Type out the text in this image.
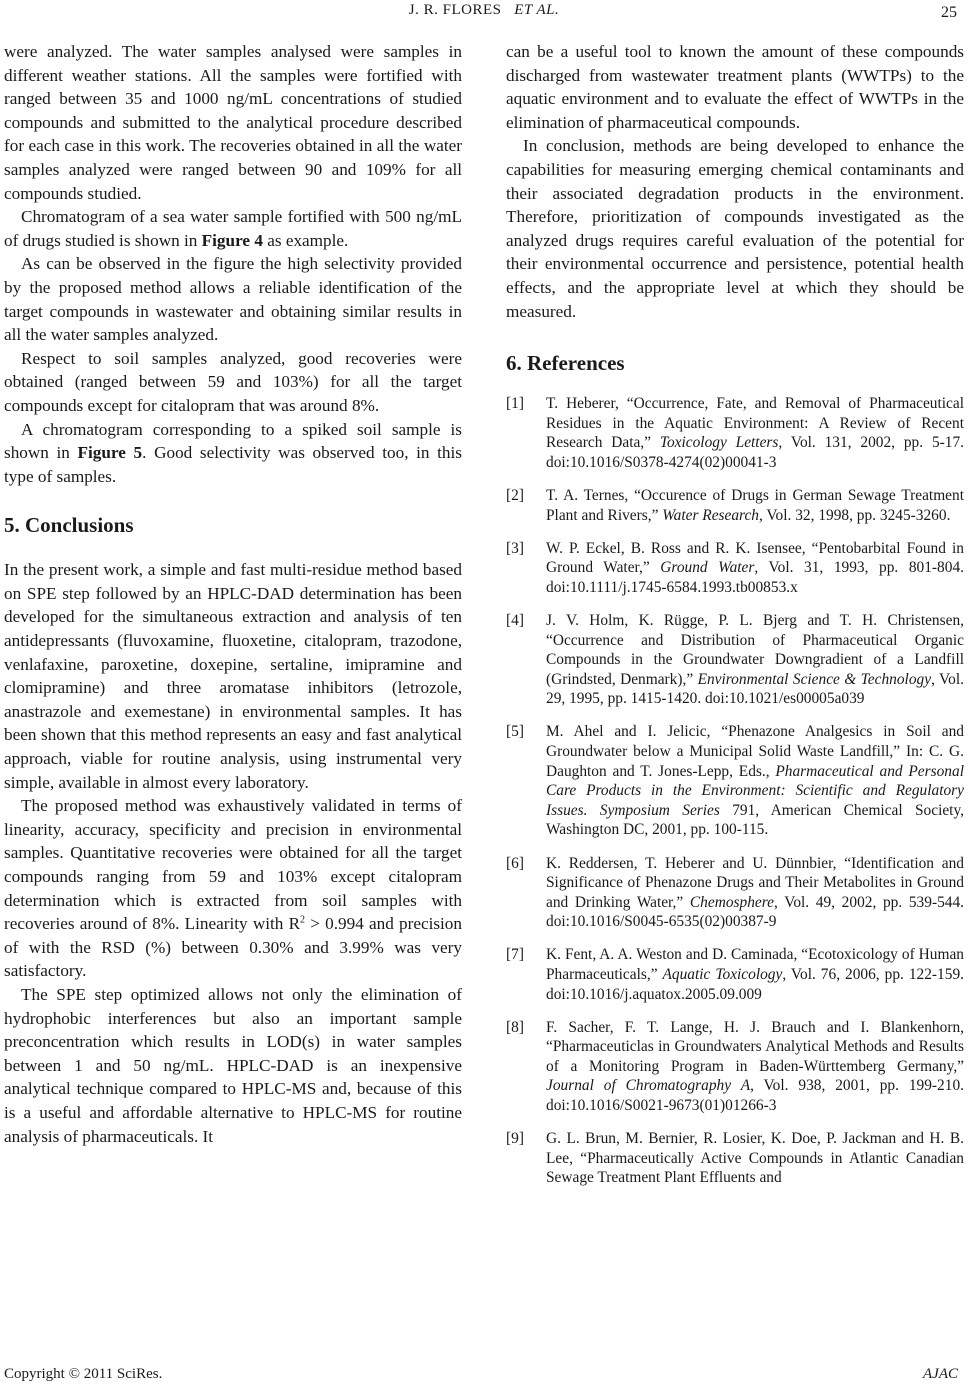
J. R. FLORES ET AL.	25

were analyzed. The water samples analysed were samples in different weather stations. All the samples were fortified with ranged between 35 and 1000 ng/mL concentrations of studied compounds and submitted to the analytical procedure described for each case in this work. The recoveries obtained in all the water samples analyzed were ranged between 90 and 109% for all compounds studied.

Chromatogram of a sea water sample fortified with 500 ng/mL of drugs studied is shown in Figure 4 as example.

As can be observed in the figure the high selectivity provided by the proposed method allows a reliable identification of the target compounds in wastewater and obtaining similar results in all the water samples analyzed.

Respect to soil samples analyzed, good recoveries were obtained (ranged between 59 and 103%) for all the target compounds except for citalopram that was around 8%.

A chromatogram corresponding to a spiked soil sample is shown in Figure 5. Good selectivity was observed too, in this type of samples.

5. Conclusions

In the present work, a simple and fast multi-residue method based on SPE step followed by an HPLC-DAD determination has been developed for the simultaneous extraction and analysis of ten antidepressants (fluvoxamine, fluoxetine, citalopram, trazodone, venlafaxine, paroxetine, doxepine, sertaline, imipramine and clomipramine) and three aromatase inhibitors (letrozole, anastrazole and exemestane) in environmental samples. It has been shown that this method represents an easy and fast analytical approach, viable for routine analysis, using instrumental very simple, available in almost every laboratory.

The proposed method was exhaustively validated in terms of linearity, accuracy, specificity and precision in environmental samples. Quantitative recoveries were obtained for all the target compounds ranging from 59 and 103% except citalopram determination which is extracted from soil samples with recoveries around of 8%. Linearity with $R^2 > 0.994$ and precision of with the RSD (%) between 0.30% and 3.99% was very satisfactory.

The SPE step optimized allows not only the elimination of hydrophobic interferences but also an important sample preconcentration which results in LOD(s) in water samples between 1 and 50 ng/mL. HPLC-DAD is an inexpensive analytical technique compared to HPLC-MS and, because of this is a useful and affordable alternative to HPLC-MS for routine analysis of pharmaceuticals. It

can be a useful tool to known the amount of these compounds discharged from wastewater treatment plants (WWTPs) to the aquatic environment and to evaluate the effect of WWTPs in the elimination of pharmaceutical compounds.

In conclusion, methods are being developed to enhance the capabilities for measuring emerging chemical contaminants and their associated degradation products in the environment. Therefore, prioritization of compounds investigated as the analyzed drugs requires careful evaluation of the potential for their environmental occurrence and persistence, potential health effects, and the appropriate level at which they should be measured.

6. References
[1] T. Heberer, “Occurrence, Fate, and Removal of Pharmaceutical Residues in the Aquatic Environment: A Review of Recent Research Data,” Toxicology Letters, Vol. 131, 2002, pp. 5-17. doi:10.1016/S0378-4274(02)00041-3
[2] T. A. Ternes, “Occurence of Drugs in German Sewage Treatment Plant and Rivers,” Water Research, Vol. 32, 1998, pp. 3245-3260.
[3] W. P. Eckel, B. Ross and R. K. Isensee, “Pentobarbital Found in Ground Water,” Ground Water, Vol. 31, 1993, pp. 801-804. doi:10.1111/j.1745-6584.1993.tb00853.x
[4] J. V. Holm, K. Rügge, P. L. Bjerg and T. H. Christensen, “Occurrence and Distribution of Pharmaceutical Organic Compounds in the Groundwater Downgradient of a Landfill (Grindsted, Denmark),” Environmental Science & Technology, Vol. 29, 1995, pp. 1415-1420. doi:10.1021/es00005a039
[5] M. Ahel and I. Jelicic, “Phenazone Analgesics in Soil and Groundwater below a Municipal Solid Waste Landfill,” In: C. G. Daughton and T. Jones-Lepp, Eds., Pharmaceutical and Personal Care Products in the Environment: Scientific and Regulatory Issues. Symposium Series 791, American Chemical Society, Washington DC, 2001, pp. 100-115.
[6] K. Reddersen, T. Heberer and U. Dünnbier, “Identification and Significance of Phenazone Drugs and Their Metabolites in Ground and Drinking Water,” Chemosphere, Vol. 49, 2002, pp. 539-544. doi:10.1016/S0045-6535(02)00387-9
[7] K. Fent, A. A. Weston and D. Caminada, “Ecotoxicology of Human Pharmaceuticals,” Aquatic Toxicology, Vol. 76, 2006, pp. 122-159. doi:10.1016/j.aquatox.2005.09.009
[8] F. Sacher, F. T. Lange, H. J. Brauch and I. Blankenhorn, “Pharmaceuticlas in Groundwaters Analytical Methods and Results of a Monitoring Program in Baden-Württemberg Germany,” Journal of Chromatography A, Vol. 938, 2001, pp. 199-210. doi:10.1016/S0021-9673(01)01266-3
[9] G. L. Brun, M. Bernier, R. Losier, K. Doe, P. Jackman and H. B. Lee, “Pharmaceutically Active Compounds in Atlantic Canadian Sewage Treatment Plant Effluents and
Copyright © 2011 SciRes.	AJAC
